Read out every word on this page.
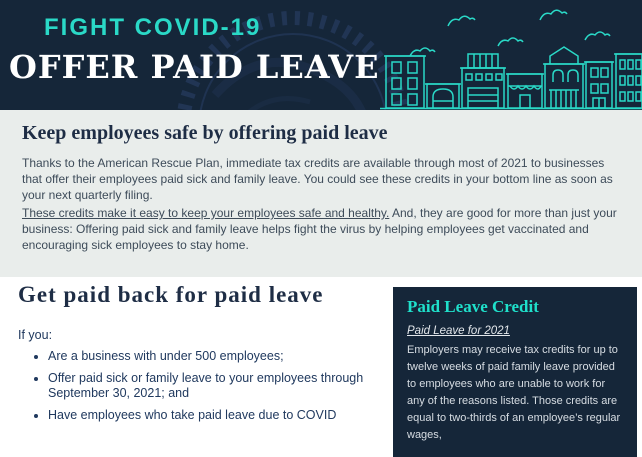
FIGHT COVID-19
OFFER PAID LEAVE
Keep employees safe by offering paid leave

Thanks to the American Rescue Plan, immediate tax credits are available through most of 2021 to businesses that offer their employees paid sick and family leave. You could see these credits in your bottom line as soon as your next quarterly filing.

These credits make it easy to keep your employees safe and healthy. And, they are good for more than just your business: Offering paid sick and family leave helps fight the virus by helping employees get vaccinated and encouraging sick employees to stay home.

Get paid back for paid leave

If you:

• Are a business with under 500 employees;
• Offer paid sick or family leave to your employees through September 30, 2021; and
• Have employees who take paid leave due to COVID
Paid Leave Credit

Paid Leave for 2021

Employers may receive tax credits for up to twelve weeks of paid family leave provided to employees who are unable to work for any of the reasons listed. Those credits are equal to two-thirds of an employee’s regular wages,
